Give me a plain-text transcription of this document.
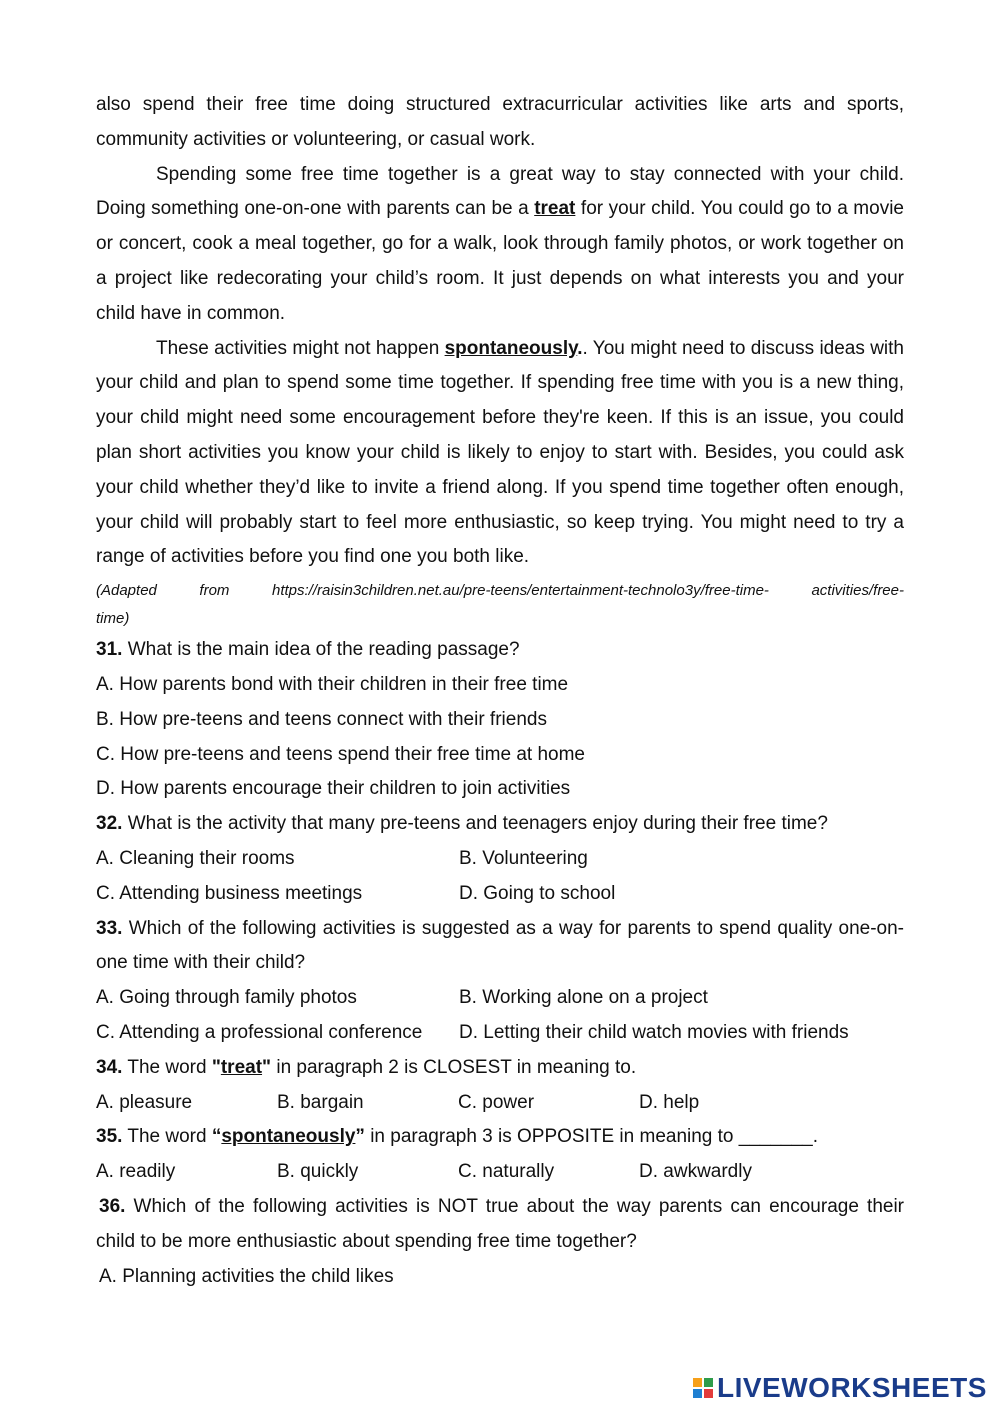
also spend their free time doing structured extracurricular activities like arts and sports, community activities or volunteering, or casual work.

Spending some free time together is a great way to stay connected with your child. Doing something one-on-one with parents can be a treat for your child. You could go to a movie or concert, cook a meal together, go for a walk, look through family photos, or work together on a project like redecorating your child’s room. It just depends on what interests you and your child have in common.

These activities might not happen spontaneously.. You might need to discuss ideas with your child and plan to spend some time together. If spending free time with you is a new thing, your child might need some encouragement before they're keen. If this is an issue, you could plan short activities you know your child is likely to enjoy to start with. Besides, you could ask your child whether they’d like to invite a friend along. If you spend time together often enough, your child will probably start to feel more enthusiastic, so keep trying. You might need to try a range of activities before you find one you both like.

(Adapted from https://raisin3children.net.au/pre-teens/entertainment-technolo3y/free-time- activities/free-

time)

31. What is the main idea of the reading passage?

A. How parents bond with their children in their free time

B. How pre-teens and teens connect with their friends

C. How pre-teens and teens spend their free time at home

D. How parents encourage their children to join activities

32. What is the activity that many pre-teens and teenagers enjoy during their free time?

A. Cleaning their rooms	B. Volunteering
C. Attending business meetings	D. Going to school

33. Which of the following activities is suggested as a way for parents to spend quality one-on-one time with their child?

A. Going through family photos	B. Working alone on a project
C. Attending a professional conference	D. Letting their child watch movies with friends

34. The word "treat" in paragraph 2 is CLOSEST in meaning to.

A. pleasure	B. bargain	C. power	D. help

35. The word “spontaneously” in paragraph 3 is OPPOSITE in meaning to _______.

A. readily	B. quickly	C. naturally	D. awkwardly

36. Which of the following activities is NOT true about the way parents can encourage their child to be more enthusiastic about spending free time together?

A. Planning activities the child likes

LIVEWORKSHEETS
